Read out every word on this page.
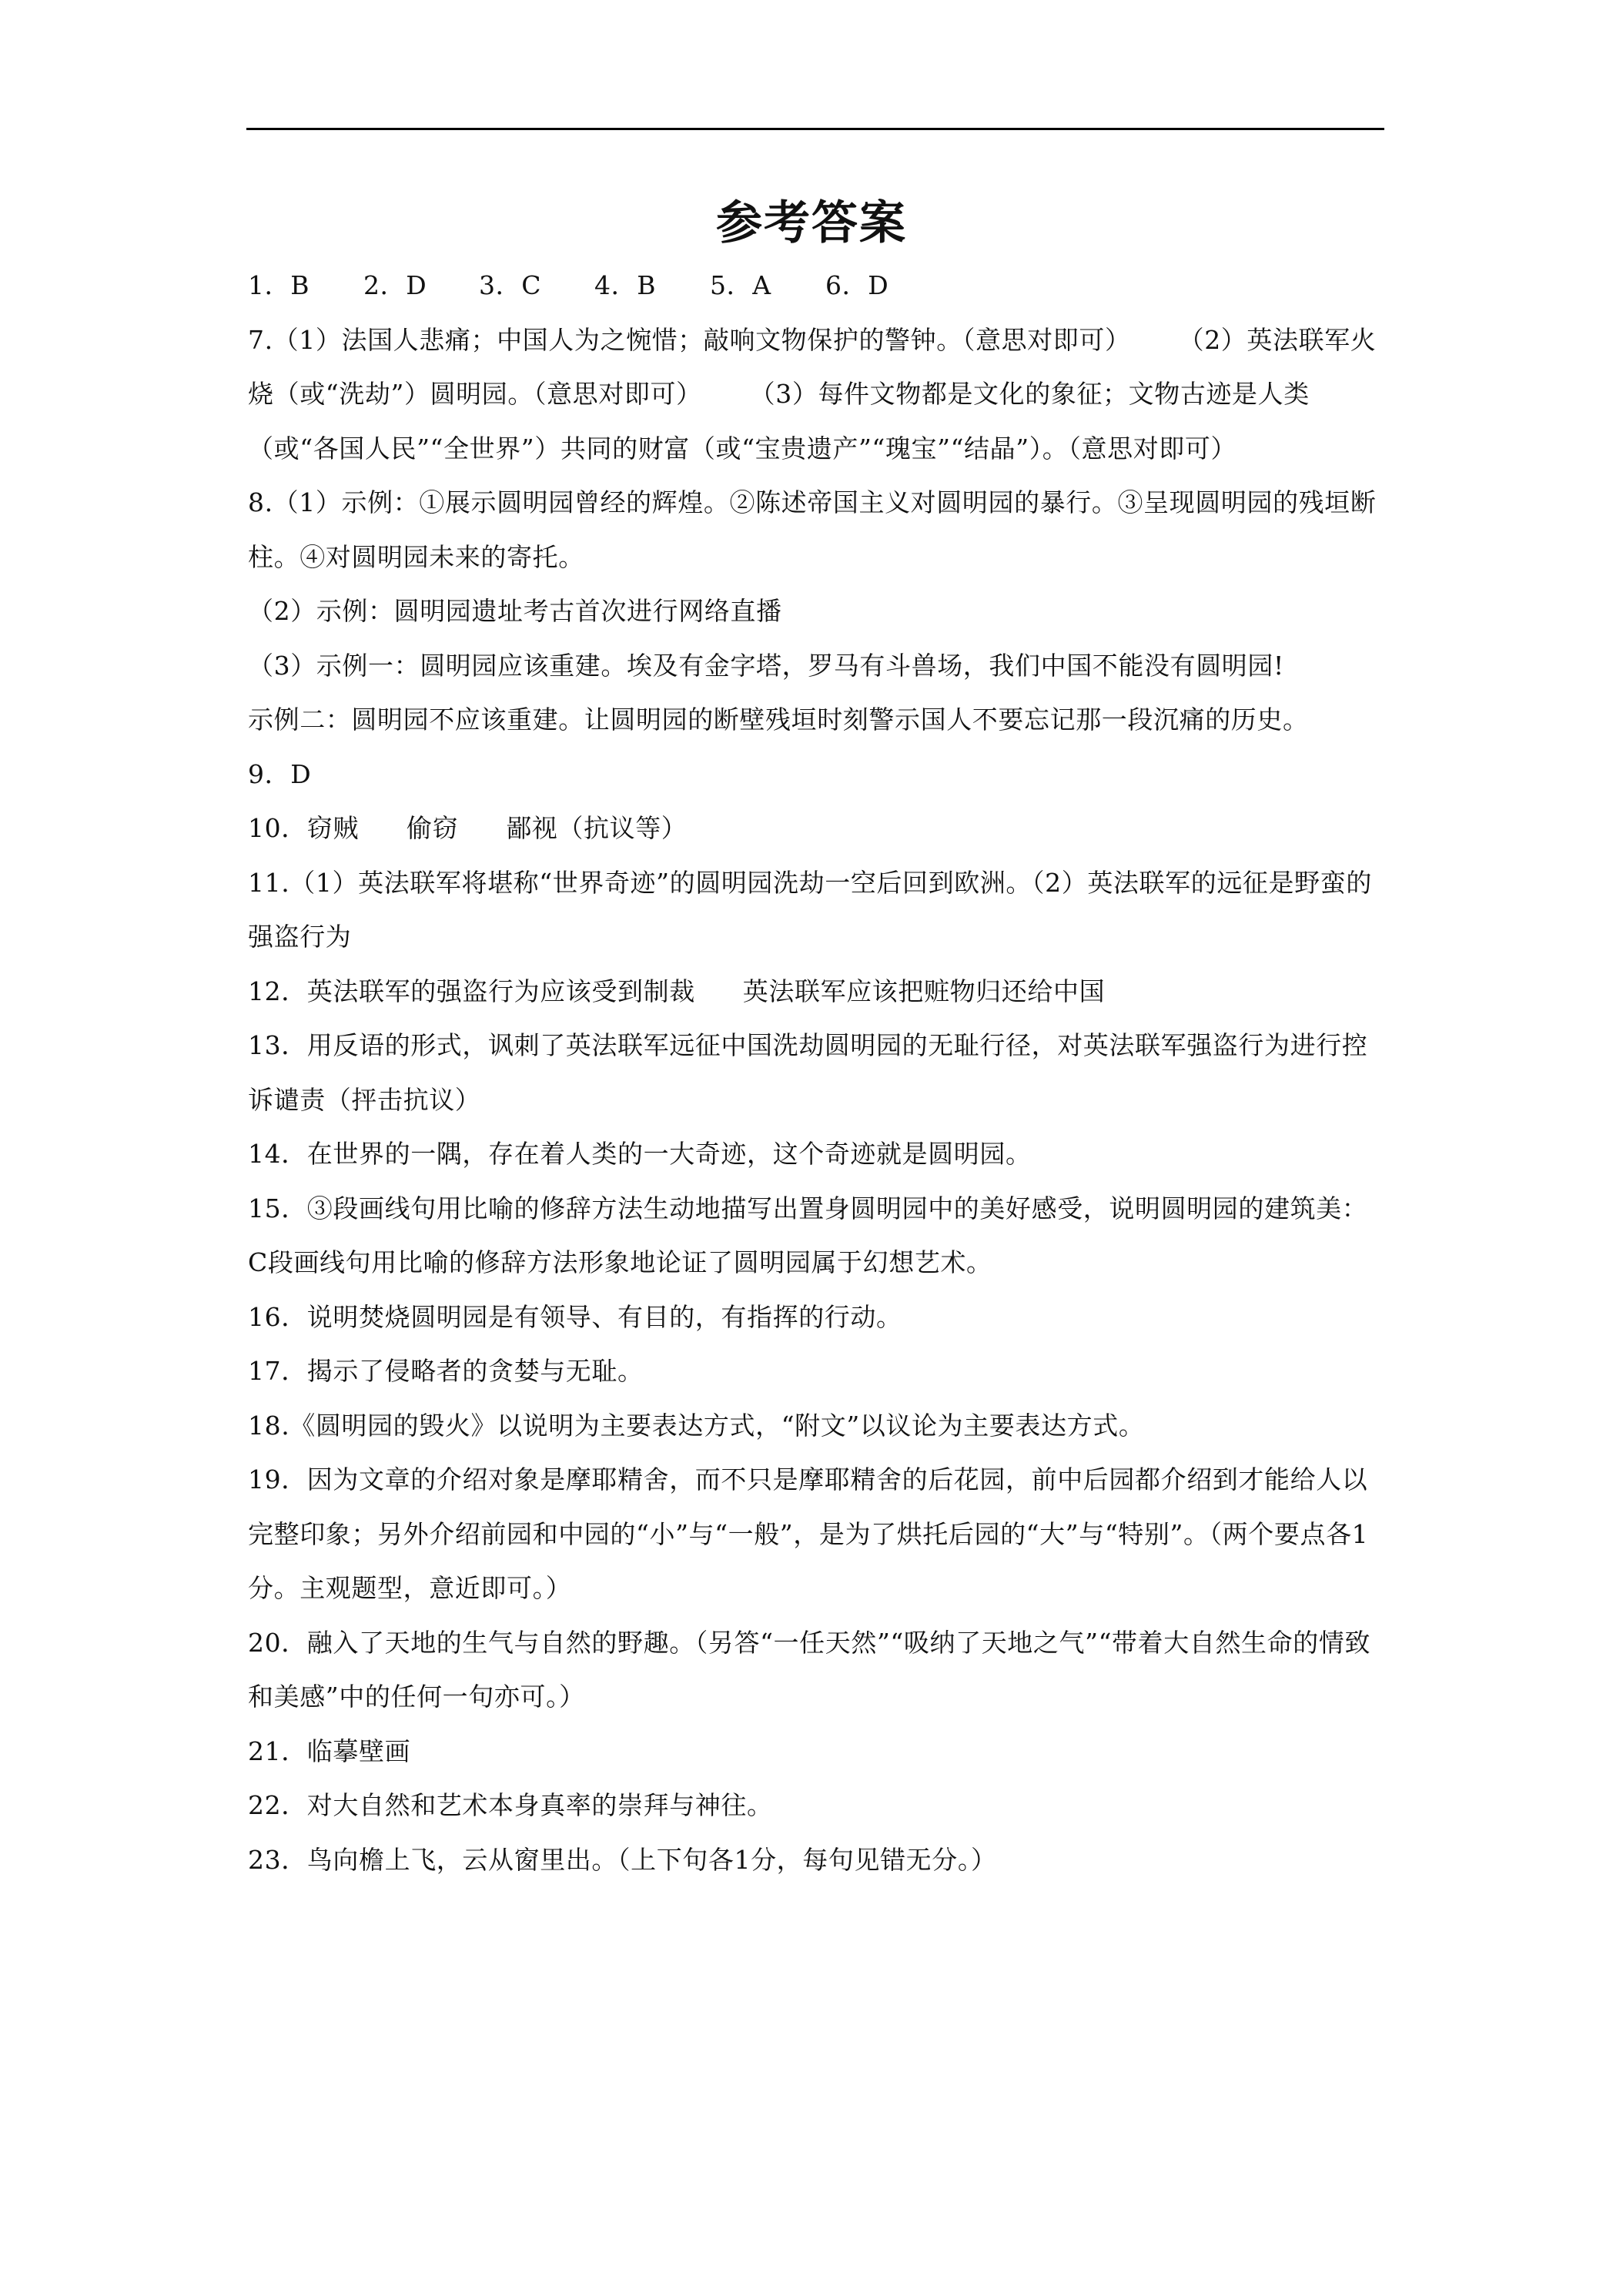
参考答案

1．B	2．D	3．C	4．B	5．A	6．D

7.（1）法国人悲痛；中国人为之惋惜；敲响文物保护的警钟。（意思对即可） （2）英法联军火烧（或“洗劫”）圆明园。（意思对即可） （3）每件文物都是文化的象征；文物古迹是人类（或“各国人民”“全世界”）共同的财富（或“宝贵遗产”“瑰宝”“结晶”）。（意思对即可）

8.（1）示例：①展示圆明园曾经的辉煌。②陈述帝国主义对圆明园的暴行。③呈现圆明园的残垣断柱。④对圆明园未来的寄托。

（2）示例：圆明园遗址考古首次进行网络直播

（3）示例一：圆明园应该重建。埃及有金字塔，罗马有斗兽场，我们中国不能没有圆明园!

示例二：圆明园不应该重建。让圆明园的断壁残垣时刻警示国人不要忘记那一段沉痛的历史。

9．D

10．窃贼 偷窃 鄙视（抗议等）

11.（1）英法联军将堪称“世界奇迹”的圆明园洗劫一空后回到欧洲。（2）英法联军的远征是野蛮的强盗行为

12．英法联军的强盗行为应该受到制裁 英法联军应该把赃物归还给中国

13．用反语的形式，讽刺了英法联军远征中国洗劫圆明园的无耻行径，对英法联军强盗行为进行控诉谴责（抨击抗议）

14．在世界的一隅，存在着人类的一大奇迹，这个奇迹就是圆明园。

15．③段画线句用比喻的修辞方法生动地描写出置身圆明园中的美好感受，说明圆明园的建筑美：C段画线句用比喻的修辞方法形象地论证了圆明园属于幻想艺术。

16．说明焚烧圆明园是有领导、有目的，有指挥的行动。

17．揭示了侵略者的贪婪与无耻。

18.《圆明园的毁火》以说明为主要表达方式，“附文”以议论为主要表达方式。

19．因为文章的介绍对象是摩耶精舍，而不只是摩耶精舍的后花园，前中后园都介绍到才能给人以完整印象；另外介绍前园和中园的“小”与“一般”，是为了烘托后园的“大”与“特别”。（两个要点各1分。主观题型，意近即可。）

20．融入了天地的生气与自然的野趣。（另答“一任天然”“吸纳了天地之气”“带着大自然生命的情致和美感”中的任何一句亦可。）

21．临摹壁画

22．对大自然和艺术本身真率的崇拜与神往。

23．鸟向檐上飞，云从窗里出。（上下句各1分，每句见错无分。）
